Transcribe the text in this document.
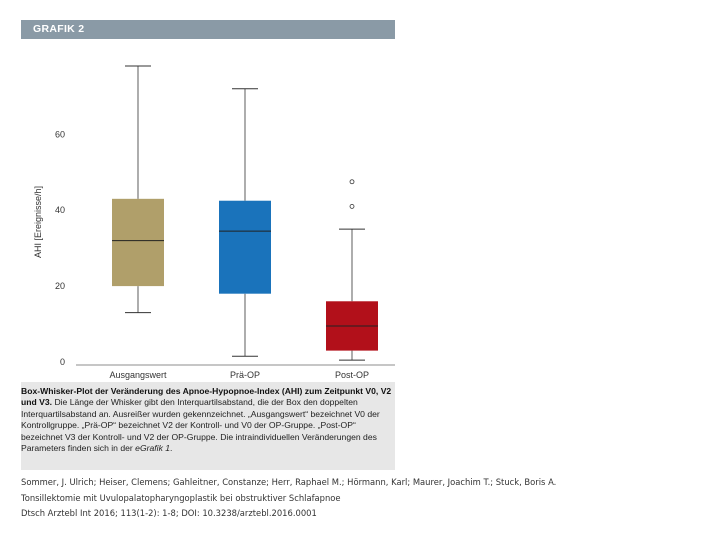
GRAFIK 2
0
20
40
60
Ausgangswert	Prä-OP	Post-OP
AHI [Ereignisse/h]
Box-Whisker-Plot der Veränderung des Apnoe-Hypopnoe-Index (AHI) zum Zeitpunkt V0, V2 und V3. Die Länge der Whisker gibt den Interquartilsabstand, die der Box den doppelten Interquartilsabstand an. Ausreißer wurden gekennzeichnet. „Ausgangswert“ bezeichnet V0 der Kontrollgruppe. „Prä-OP“ bezeichnet V2 der Kontroll- und V0 der OP-Gruppe. „Post-OP“ bezeichnet V3 der Kontroll- und V2 der OP-Gruppe. Die intraindividuellen Veränderungen des Parameters finden sich in der eGrafik 1.
Sommer, J. Ulrich; Heiser, Clemens; Gahleitner, Constanze; Herr, Raphael M.; Hörmann, Karl; Maurer, Joachim T.; Stuck, Boris A.
Tonsillektomie mit Uvulopalatopharyngoplastik bei obstruktiver Schlafapnoe
Dtsch Arztebl Int 2016; 113(1-2): 1-8; DOI: 10.3238/arztebl.2016.0001
